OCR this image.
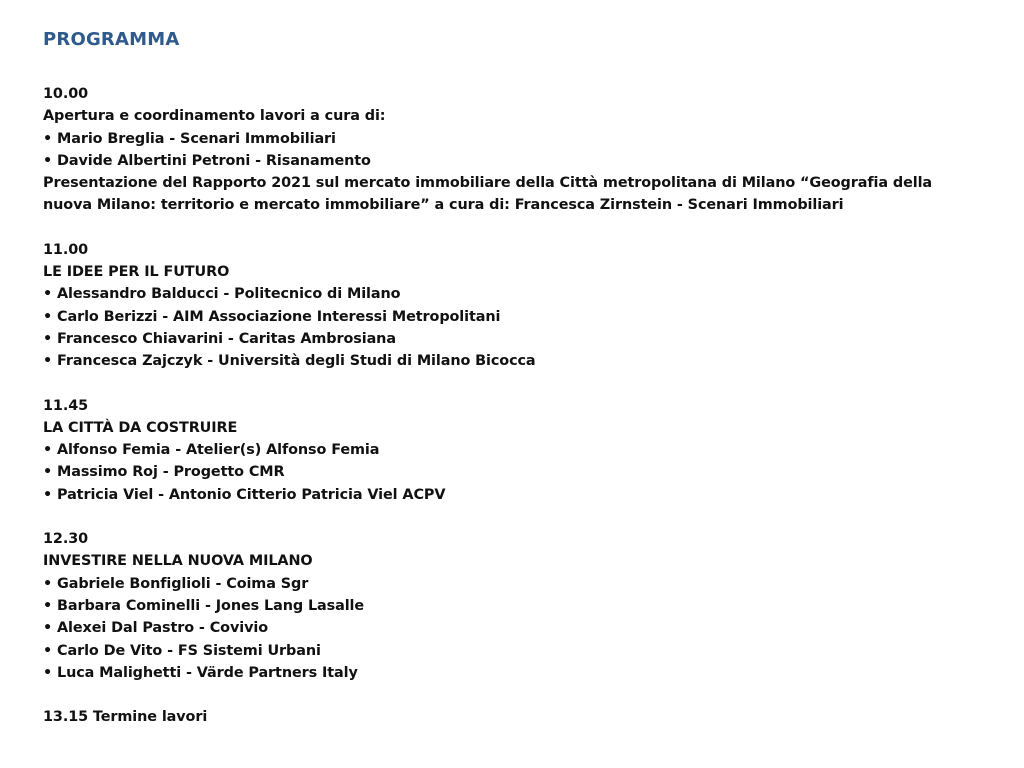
PROGRAMMA
10.00
Apertura e coordinamento lavori a cura di:
• Mario Breglia - Scenari Immobiliari
• Davide Albertini Petroni - Risanamento
Presentazione del Rapporto 2021 sul mercato immobiliare della Città metropolitana di Milano “Geografia della nuova Milano: territorio e mercato immobiliare” a cura di: Francesca Zirnstein - Scenari Immobiliari
11.00
LE IDEE PER IL FUTURO
• Alessandro Balducci - Politecnico di Milano
• Carlo Berizzi - AIM Associazione Interessi Metropolitani
• Francesco Chiavarini - Caritas Ambrosiana
• Francesca Zajczyk - Università degli Studi di Milano Bicocca
11.45
LA CITTÀ DA COSTRUIRE
• Alfonso Femia - Atelier(s) Alfonso Femia
• Massimo Roj - Progetto CMR
• Patricia Viel - Antonio Citterio Patricia Viel ACPV
12.30
INVESTIRE NELLA NUOVA MILANO
• Gabriele Bonfiglioli - Coima Sgr
• Barbara Cominelli - Jones Lang Lasalle
• Alexei Dal Pastro - Covivio
• Carlo De Vito - FS Sistemi Urbani
• Luca Malighetti - Värde Partners Italy
13.15 Termine lavori
